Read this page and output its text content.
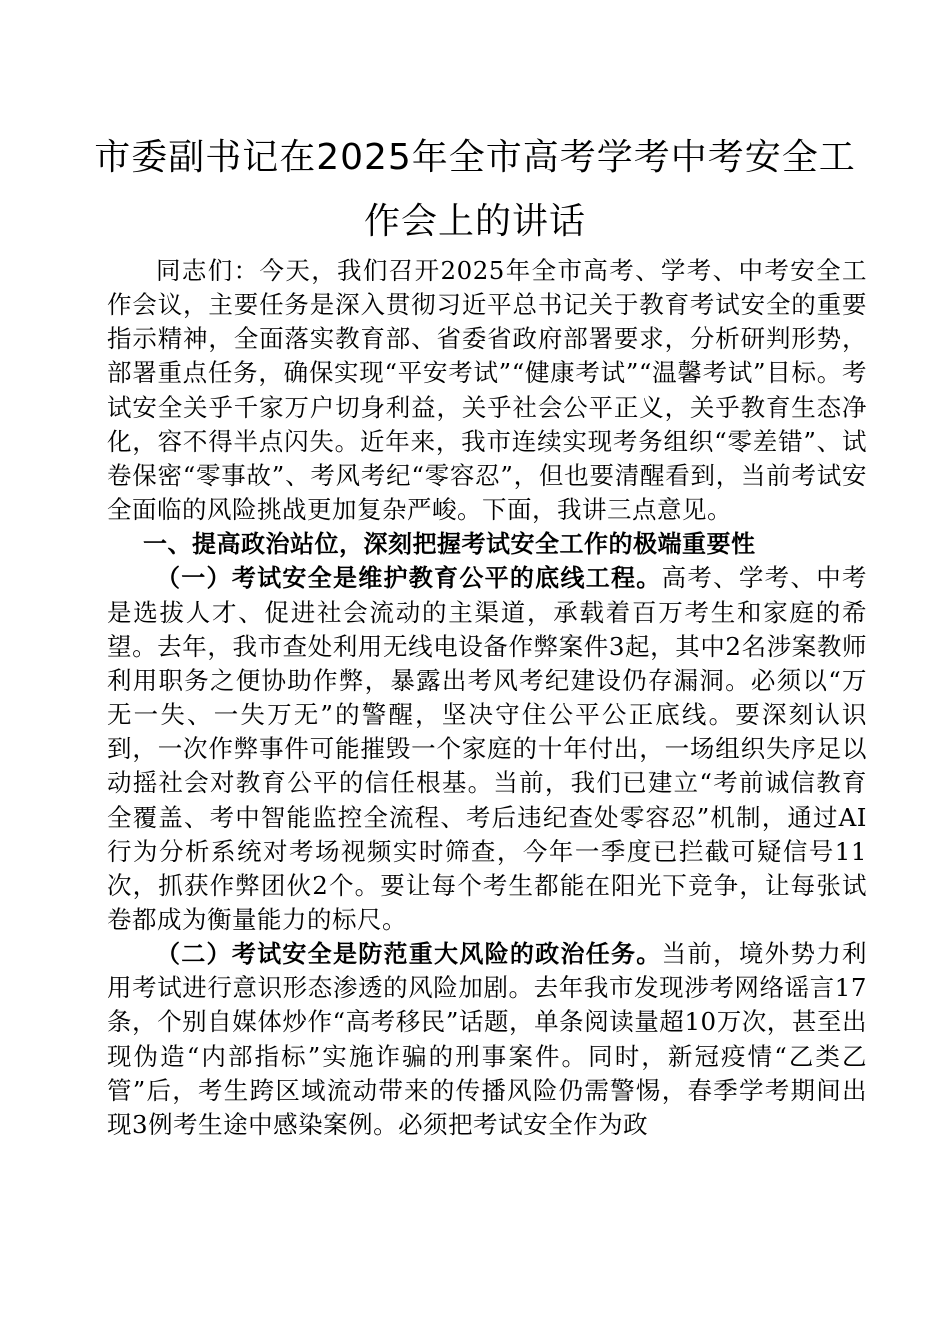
市委副书记在2025年全市高考学考中考安全工
作会上的讲话

同志们：今天，我们召开2025年全市高考、学考、中考安全工作会议，主要任务是深入贯彻习近平总书记关于教育考试安全的重要指示精神，全面落实教育部、省委省政府部署要求，分析研判形势，部署重点任务，确保实现“平安考试”“健康考试”“温馨考试”目标。考试安全关乎千家万户切身利益，关乎社会公平正义，关乎教育生态净化，容不得半点闪失。近年来，我市连续实现考务组织“零差错”、试卷保密“零事故”、考风考纪“零容忍”，但也要清醒看到，当前考试安全面临的风险挑战更加复杂严峻。下面，我讲三点意见。

一、提高政治站位，深刻把握考试安全工作的极端重要性

（一）考试安全是维护教育公平的底线工程。高考、学考、中考是选拔人才、促进社会流动的主渠道，承载着百万考生和家庭的希望。去年，我市查处利用无线电设备作弊案件3起，其中2名涉案教师利用职务之便协助作弊，暴露出考风考纪建设仍存漏洞。必须以“万无一失、一失万无”的警醒，坚决守住公平公正底线。要深刻认识到，一次作弊事件可能摧毁一个家庭的十年付出，一场组织失序足以动摇社会对教育公平的信任根基。当前，我们已建立“考前诚信教育全覆盖、考中智能监控全流程、考后违纪查处零容忍”机制，通过AI行为分析系统对考场视频实时筛查，今年一季度已拦截可疑信号11次，抓获作弊团伙2个。要让每个考生都能在阳光下竞争，让每张试卷都成为衡量能力的标尺。

（二）考试安全是防范重大风险的政治任务。当前，境外势力利用考试进行意识形态渗透的风险加剧。去年我市发现涉考网络谣言17条，个别自媒体炒作“高考移民”话题，单条阅读量超10万次，甚至出现伪造“内部指标”实施诈骗的刑事案件。同时，新冠疫情“乙类乙管”后，考生跨区域流动带来的传播风险仍需警惕，春季学考期间出现3例考生途中感染案例。必须把考试安全作为政
